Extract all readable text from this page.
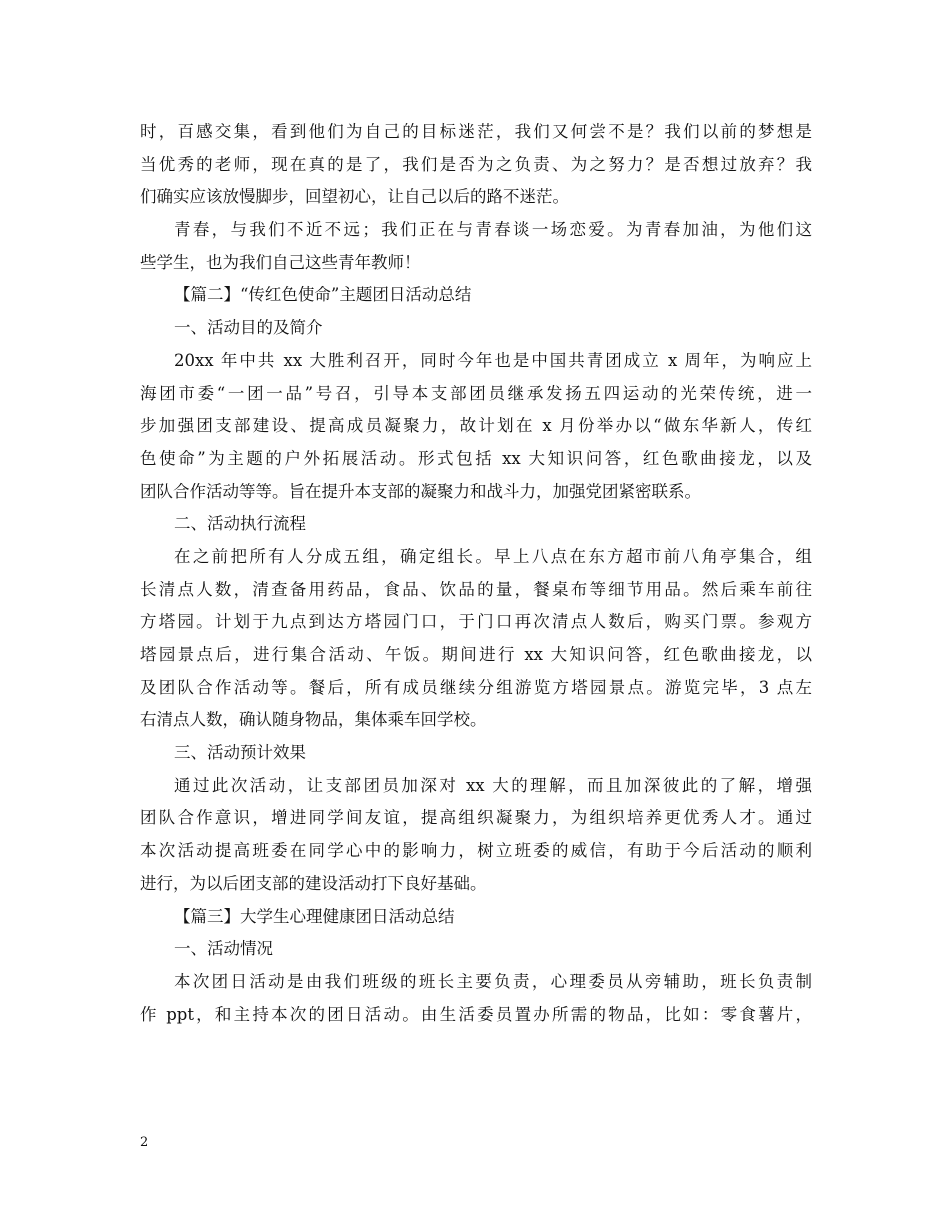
时，百感交集，看到他们为自己的目标迷茫，我们又何尝不是？我们以前的梦想是
当优秀的老师，现在真的是了，我们是否为之负责、为之努力？是否想过放弃？我
们确实应该放慢脚步，回望初心，让自己以后的路不迷茫。
青春，与我们不近不远；我们正在与青春谈一场恋爱。为青春加油，为他们这
些学生，也为我们自己这些青年教师！
【篇二】“传红色使命”主题团日活动总结
一、活动目的及简介
20xx 年中共 xx 大胜利召开，同时今年也是中国共青团成立 x 周年，为响应上
海团市委“一团一品”号召，引导本支部团员继承发扬五四运动的光荣传统，进一
步加强团支部建设、提高成员凝聚力，故计划在 x 月份举办以“做东华新人，传红
色使命”为主题的户外拓展活动。形式包括 xx 大知识问答，红色歌曲接龙，以及
团队合作活动等等。旨在提升本支部的凝聚力和战斗力，加强党团紧密联系。
二、活动执行流程
在之前把所有人分成五组，确定组长。早上八点在东方超市前八角亭集合，组
长清点人数，清查备用药品，食品、饮品的量，餐桌布等细节用品。然后乘车前往
方塔园。计划于九点到达方塔园门口，于门口再次清点人数后，购买门票。参观方
塔园景点后，进行集合活动、午饭。期间进行 xx 大知识问答，红色歌曲接龙，以
及团队合作活动等。餐后，所有成员继续分组游览方塔园景点。游览完毕，3 点左
右清点人数，确认随身物品，集体乘车回学校。
三、活动预计效果
通过此次活动，让支部团员加深对 xx 大的理解，而且加深彼此的了解，增强
团队合作意识，增进同学间友谊，提高组织凝聚力，为组织培养更优秀人才。通过
本次活动提高班委在同学心中的影响力，树立班委的威信，有助于今后活动的顺利
进行，为以后团支部的建设活动打下良好基础。
【篇三】大学生心理健康团日活动总结
一、活动情况
本次团日活动是由我们班级的班长主要负责，心理委员从旁辅助，班长负责制
作 ppt，和主持本次的团日活动。由生活委员置办所需的物品，比如：零食薯片，
2
